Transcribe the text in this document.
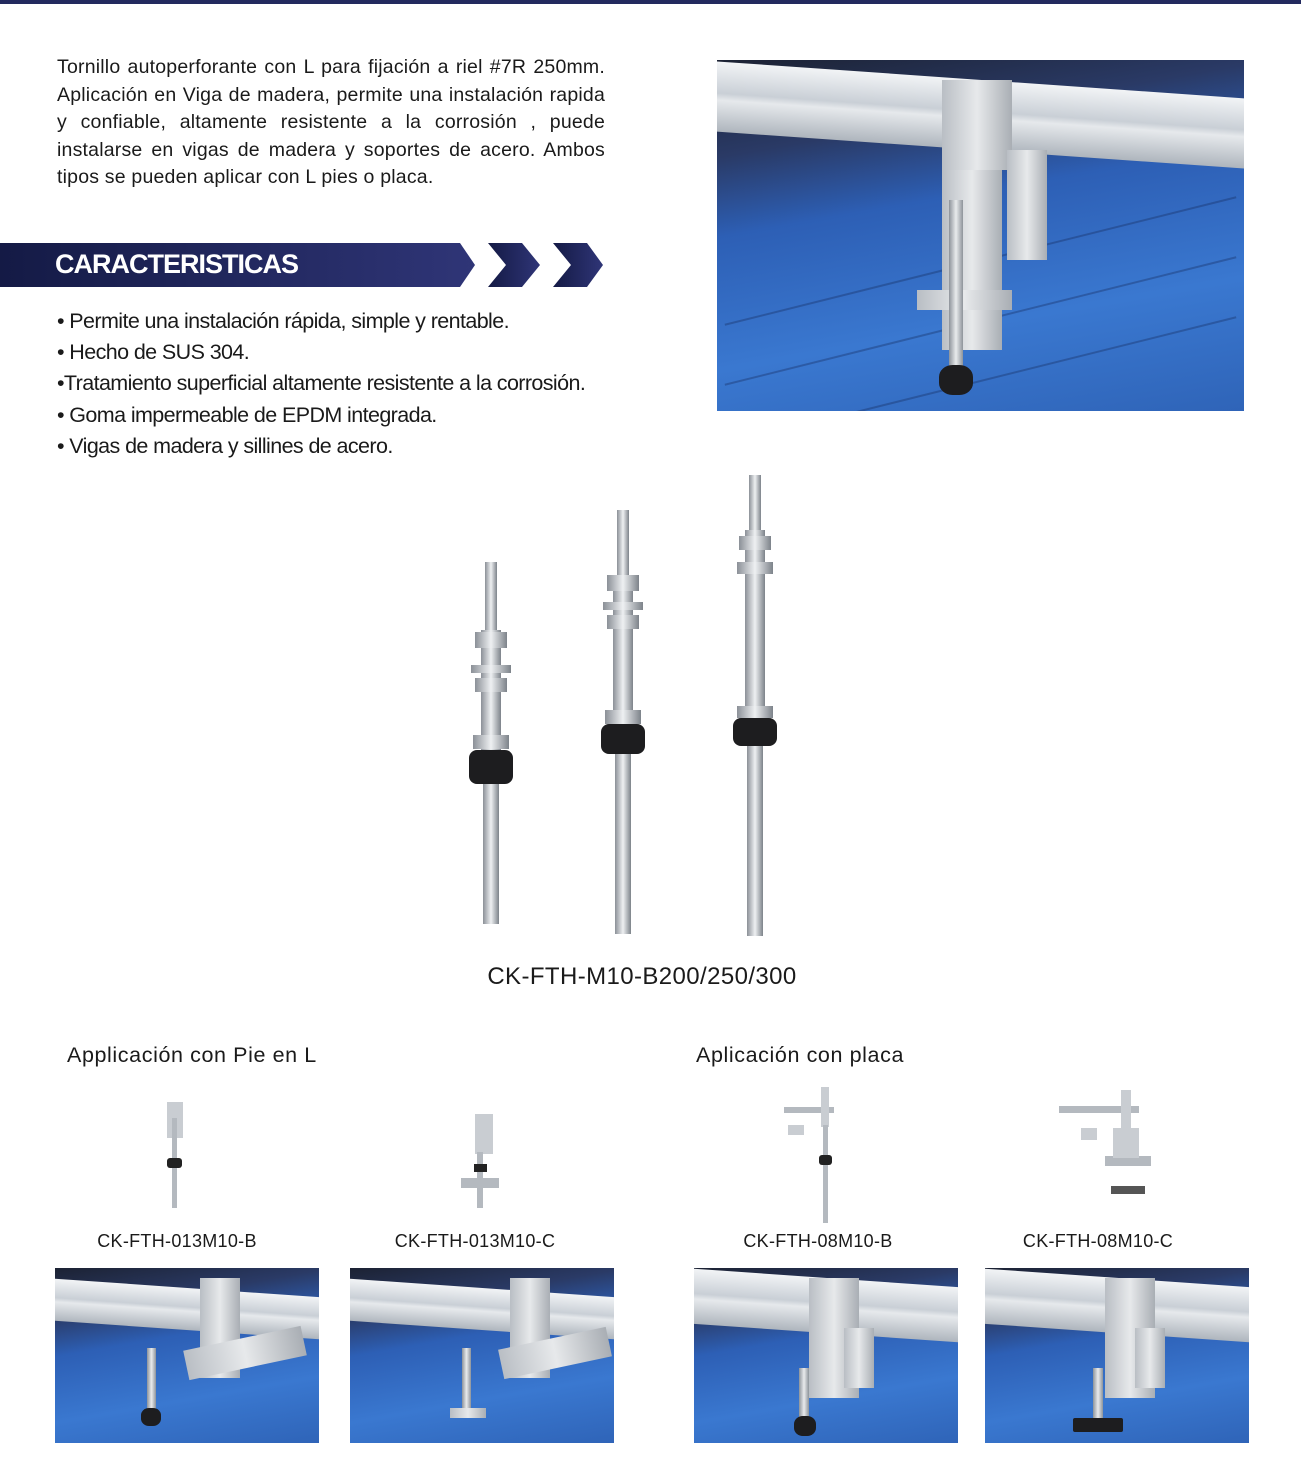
Tornillo autoperforante con L para fijación a riel #7R 250mm. Aplicación en Viga de madera, permite una instalación rapida y confiable, altamente resistente a la corrosión , puede instalarse en vigas de madera y soportes de acero. Ambos tipos se pueden aplicar con L pies o placa.
CARACTERISTICAS
• Permite una instalación rápida, simple y rentable.
• Hecho de SUS 304.
•Tratamiento superficial altamente resistente a la corrosión.
• Goma impermeable de EPDM integrada.
• Vigas de madera y sillines de acero.
CK-FTH-M10-B200/250/300
Applicación con Pie en L	Aplicación con placa
CK-FTH-013M10-B	CK-FTH-013M10-C	CK-FTH-08M10-B	CK-FTH-08M10-C
